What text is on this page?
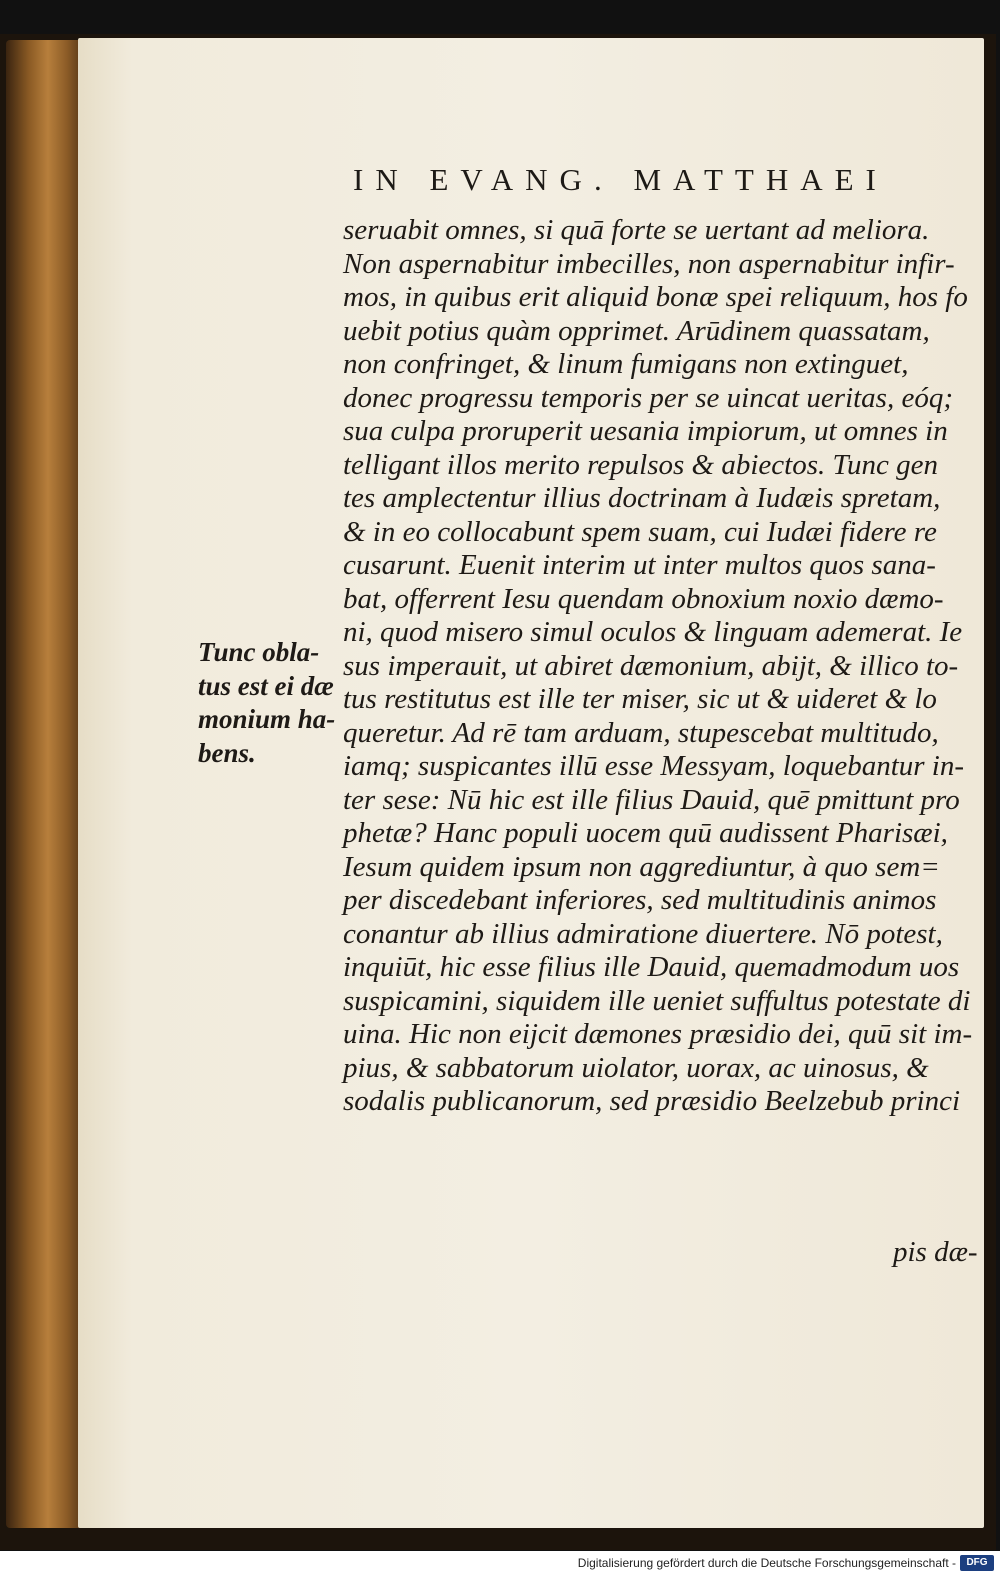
IN EVANG. MATTHAEI
seruabit omnes, si quā forte se uertant ad meliora.
Non aspernabitur imbecilles, non aspernabitur infir-
mos, in quibus erit aliquid bonæ spei reliquum, hos fo
uebit potius quàm opprimet. Arūdinem quassatam,
non confringet, & linum fumigans non extinguet,
donec progressu temporis per se uincat ueritas, eóq;
sua culpa proruperit uesania impiorum, ut omnes in
telligant illos merito repulsos & abiectos. Tunc gen
tes amplectentur illius doctrinam à Iudæis spretam,
& in eo collocabunt spem suam, cui Iudæi fidere re
cusarunt. Euenit interim ut inter multos quos sana-
bat, offerrent Iesu quendam obnoxium noxio dæmo-
ni, quod misero simul oculos & linguam ademerat. Ie
sus imperauit, ut abiret dæmonium, abijt, & illico to-
tus restitutus est ille ter miser, sic ut & uideret & lo
queretur. Ad rē tam arduam, stupescebat multitudo,
iamq; suspicantes illū esse Messyam, loquebantur in-
ter sese: Nū hic est ille filius Dauid, quē pmittunt pro
phetæ? Hanc populi uocem quū audissent Pharisæi,
Iesum quidem ipsum non aggrediuntur, à quo sem=
per discedebant inferiores, sed multitudinis animos
conantur ab illius admiratione diuertere. Nō potest,
inquiūt, hic esse filius ille Dauid, quemadmodum uos
suspicamini, siquidem ille ueniet suffultus potestate di
uina. Hic non eijcit dæmones præsidio dei, quū sit im-
pius, & sabbatorum uiolator, uorax, ac uinosus, &
sodalis publicanorum, sed præsidio Beelzebub princi
pis dæ-
Tunc obla-
tus est ei dæ
monium ha-
bens.
Digitalisierung gefördert durch die Deutsche Forschungsgemeinschaft -	DFG
